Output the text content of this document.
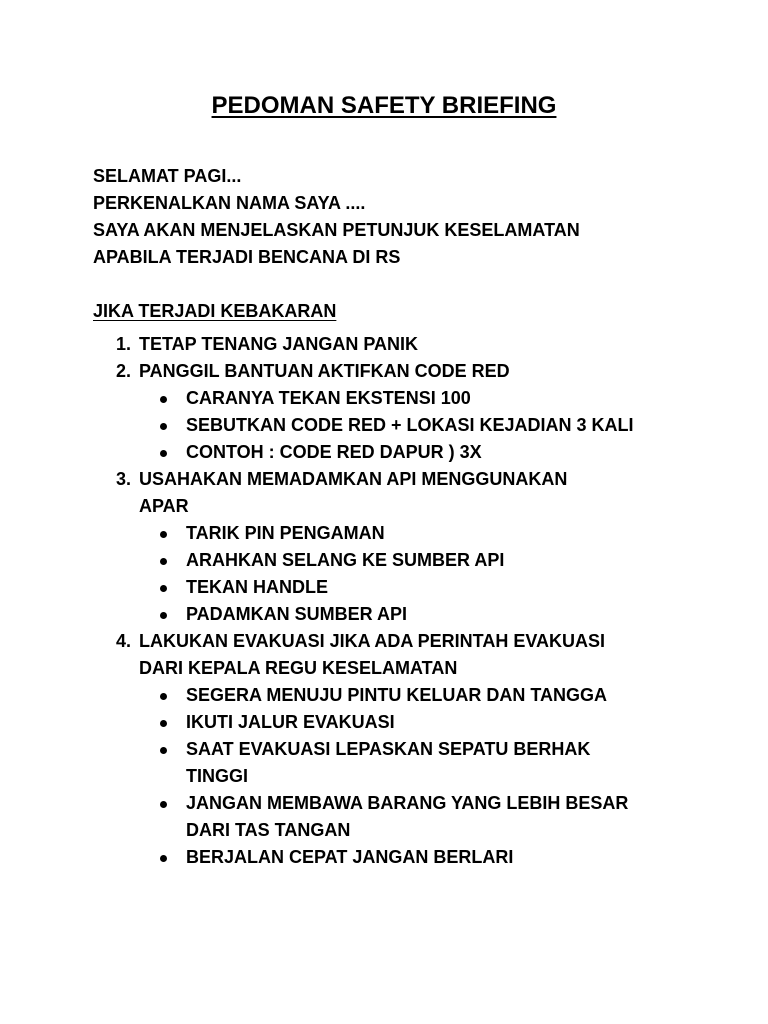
PEDOMAN SAFETY BRIEFING

SELAMAT PAGI...

PERKENALKAN NAMA SAYA ....

SAYA AKAN MENJELASKAN PETUNJUK KESELAMATAN

APABILA TERJADI BENCANA DI RS

JIKA TERJADI KEBAKARAN

1. TETAP TENANG JANGAN PANIK
2. PANGGIL BANTUAN AKTIFKAN CODE RED
CARANYA TEKAN EKSTENSI 100
SEBUTKAN CODE RED + LOKASI KEJADIAN 3 KALI
CONTOH : CODE RED DAPUR ) 3X
3. USAHAKAN MEMADAMKAN API MENGGUNAKAN
APAR
TARIK PIN PENGAMAN
ARAHKAN SELANG KE SUMBER API
TEKAN HANDLE
PADAMKAN SUMBER API
4. LAKUKAN EVAKUASI JIKA ADA PERINTAH EVAKUASI
DARI KEPALA REGU KESELAMATAN
SEGERA MENUJU PINTU KELUAR DAN TANGGA
IKUTI JALUR EVAKUASI
SAAT EVAKUASI LEPASKAN SEPATU BERHAK
TINGGI
JANGAN MEMBAWA BARANG YANG LEBIH BESAR
DARI TAS TANGAN
BERJALAN CEPAT JANGAN BERLARI
